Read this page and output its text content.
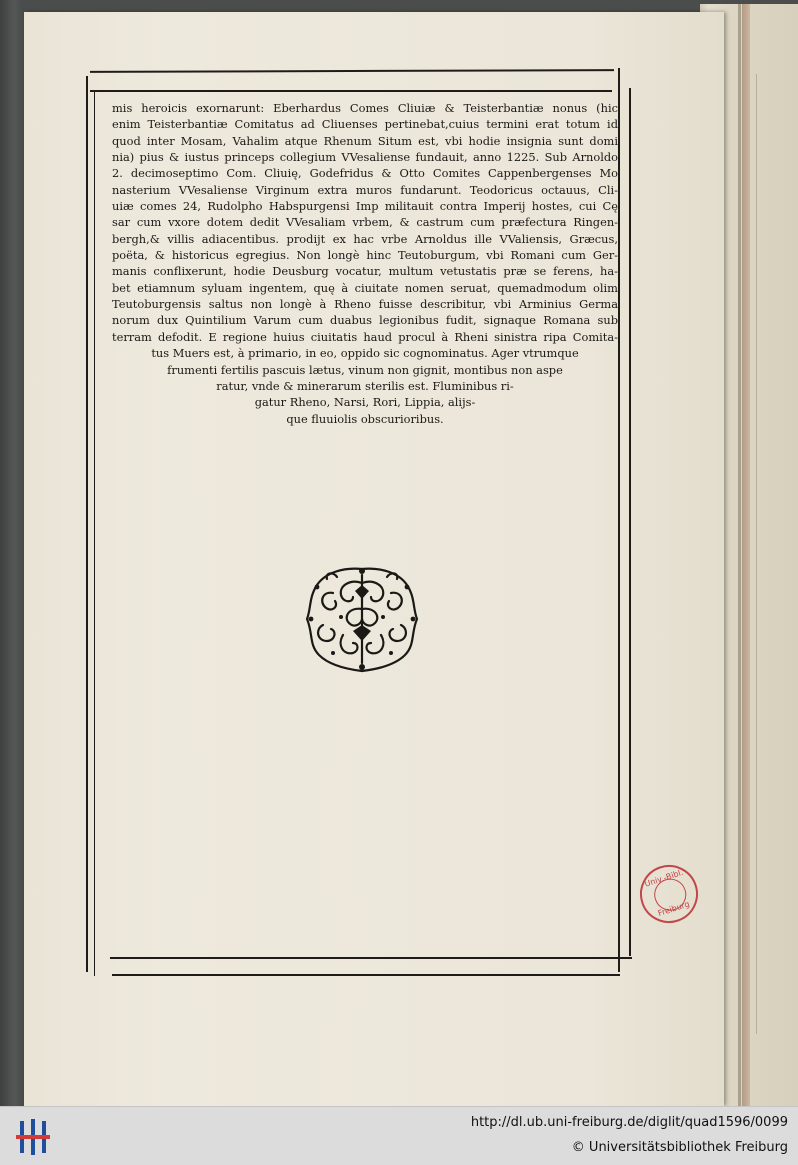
mis heroicis exornarunt: Eberhardus Comes Cliuiæ & Teisterbantiæ nonus (hic
enim Teisterbantiæ Comitatus ad Cliuenses pertinebat,cuius termini erat totum id
quod inter Mosam, Vahalim atque Rhenum Situm est, vbi hodie insignia sunt domi
nia) pius & iustus princeps collegium VVesaliense fundauit, anno 1225. Sub Arnoldo
2. decimoseptimo Com. Cliuię, Godefridus & Otto Comites Cappenbergenses Mo
nasterium VVesaliense Virginum extra muros fundarunt. Teodoricus octauus, Cli-
uiæ comes 24, Rudolpho Habspurgensi Imp militauit contra Imperij hostes, cui Cę
sar cum vxore dotem dedit VVesaliam vrbem, & castrum cum præfectura Ringen-
bergh,& villis adiacentibus. prodijt ex hac vrbe Arnoldus ille VValiensis, Græcus,
poëta, & historicus egregius. Non longè hinc Teutoburgum, vbi Romani cum Ger-
manis conflixerunt, hodie Deusburg vocatur, multum vetustatis præ se ferens, ha-
bet etiamnum syluam ingentem, quę à ciuitate nomen seruat, quemadmodum olim
Teutoburgensis saltus non longè à Rheno fuisse describitur, vbi Arminius Germa
norum dux Quintilium Varum cum duabus legionibus fudit, signaque Romana sub
terram defodit. E regione huius ciuitatis haud procul à Rheni sinistra ripa Comita-
tus Muers est, à primario, in eo, oppido sic cognominatus. Ager vtrumque
frumenti fertilis pascuis lætus, vinum non gignit, montibus non aspe
ratur, vnde & minerarum sterilis est. Fluminibus ri-
gatur Rheno, Narsi, Rori, Lippia, alijs-
que fluuiolis obscurioribus.
Univ.-Bibl.
Freiburg
http://dl.ub.uni-freiburg.de/diglit/quad1596/0099
© Universitätsbibliothek Freiburg
